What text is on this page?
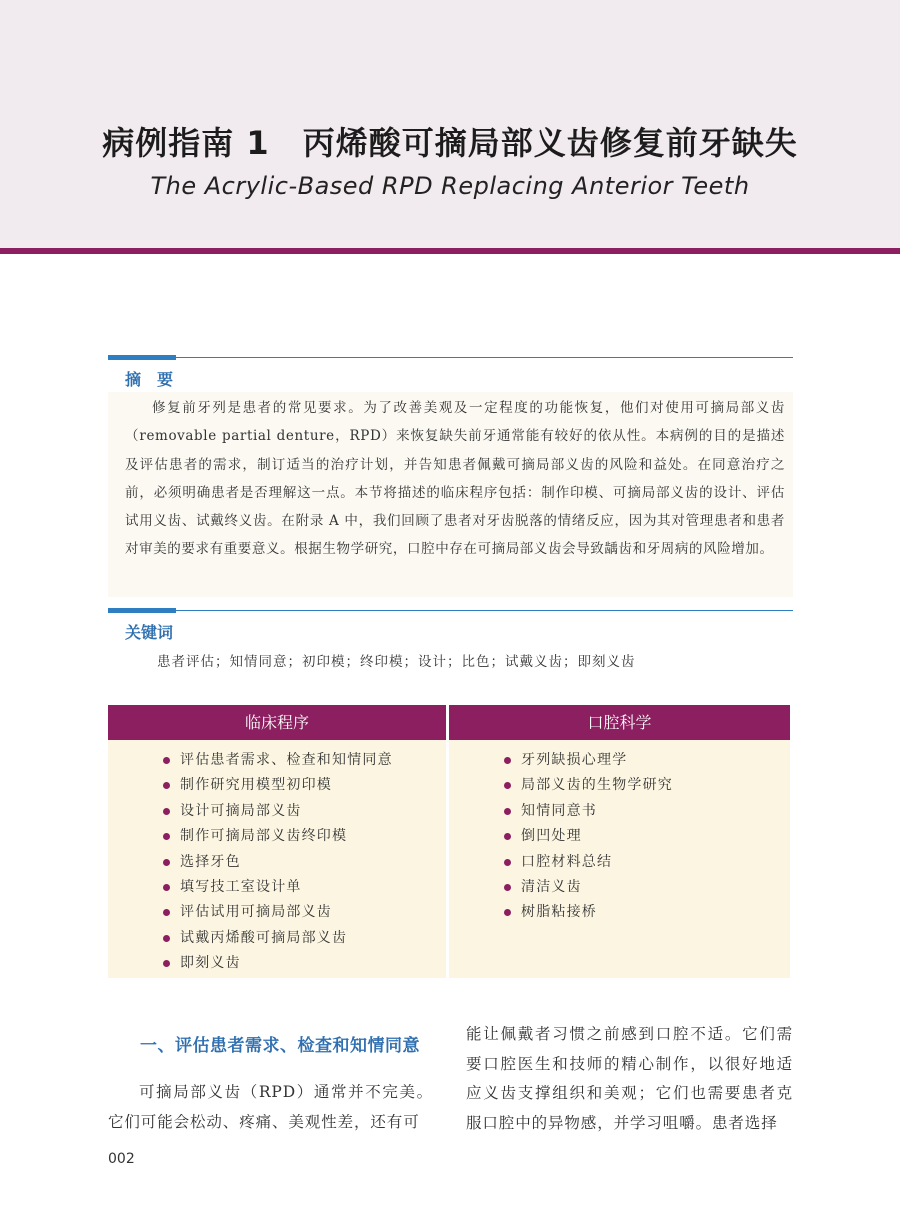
病例指南 1　丙烯酸可摘局部义齿修复前牙缺失
The Acrylic-Based RPD Replacing Anterior Teeth
摘　要

修复前牙列是患者的常见要求。为了改善美观及一定程度的功能恢复，他们对使用可摘局部义齿（removable partial denture，RPD）来恢复缺失前牙通常能有较好的依从性。本病例的目的是描述及评估患者的需求，制订适当的治疗计划，并告知患者佩戴可摘局部义齿的风险和益处。在同意治疗之前，必须明确患者是否理解这一点。本节将描述的临床程序包括：制作印模、可摘局部义齿的设计、评估试用义齿、试戴终义齿。在附录 A 中，我们回顾了患者对牙齿脱落的情绪反应，因为其对管理患者和患者对审美的要求有重要意义。根据生物学研究，口腔中存在可摘局部义齿会导致龋齿和牙周病的风险增加。

关键词
患者评估；知情同意；初印模；终印模；设计；比色；试戴义齿；即刻义齿
临床程序	口腔科学
评估患者需求、检查和知情同意
制作研究用模型初印模
设计可摘局部义齿
制作可摘局部义齿终印模
选择牙色
填写技工室设计单
评估试用可摘局部义齿
试戴丙烯酸可摘局部义齿
即刻义齿
牙列缺损心理学
局部义齿的生物学研究
知情同意书
倒凹处理
口腔材料总结
清洁义齿
树脂粘接桥
一、评估患者需求、检查和知情同意

可摘局部义齿（RPD）通常并不完美。它们可能会松动、疼痛、美观性差，还有可

能让佩戴者习惯之前感到口腔不适。它们需要口腔医生和技师的精心制作，以很好地适应义齿支撑组织和美观；它们也需要患者克服口腔中的异物感，并学习咀嚼。患者选择

002
